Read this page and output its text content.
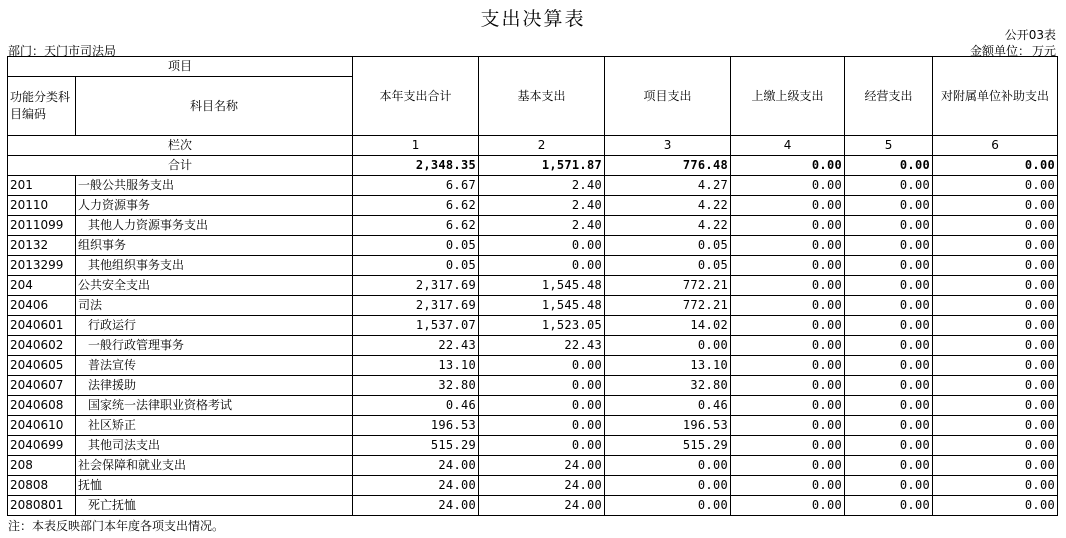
支出决算表
公开03表
部门：天门市司法局	金额单位： 万元
项目		本年支出合计	基本支出	项目支出	上缴上级支出	经营支出	对附属单位补助支出
功能分类科目编码	科目名称						
栏次		1	2	3	4	5	6
合计		2,348.35	1,571.87	776.48	0.00	0.00	0.00
201	一般公共服务支出	6.67	2.40	4.27	0.00	0.00	0.00
20110	人力资源事务	6.62	2.40	4.22	0.00	0.00	0.00
2011099	其他人力资源事务支出	6.62	2.40	4.22	0.00	0.00	0.00
20132	组织事务	0.05	0.00	0.05	0.00	0.00	0.00
2013299	其他组织事务支出	0.05	0.00	0.05	0.00	0.00	0.00
204	公共安全支出	2,317.69	1,545.48	772.21	0.00	0.00	0.00
20406	司法	2,317.69	1,545.48	772.21	0.00	0.00	0.00
2040601	行政运行	1,537.07	1,523.05	14.02	0.00	0.00	0.00
2040602	一般行政管理事务	22.43	22.43	0.00	0.00	0.00	0.00
2040605	普法宣传	13.10	0.00	13.10	0.00	0.00	0.00
2040607	法律援助	32.80	0.00	32.80	0.00	0.00	0.00
2040608	国家统一法律职业资格考试	0.46	0.00	0.46	0.00	0.00	0.00
2040610	社区矫正	196.53	0.00	196.53	0.00	0.00	0.00
2040699	其他司法支出	515.29	0.00	515.29	0.00	0.00	0.00
208	社会保障和就业支出	24.00	24.00	0.00	0.00	0.00	0.00
20808	抚恤	24.00	24.00	0.00	0.00	0.00	0.00
2080801	死亡抚恤	24.00	24.00	0.00	0.00	0.00	0.00
注：本表反映部门本年度各项支出情况。
